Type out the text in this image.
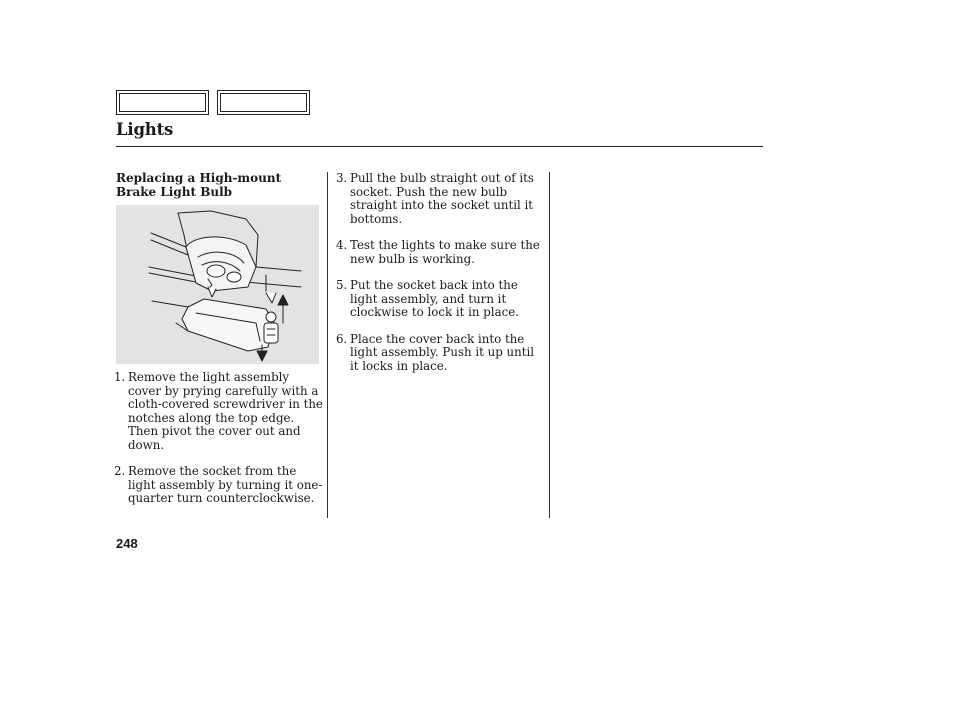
Lights
Replacing a High-mount Brake Light Bulb
1. Remove the light assembly cover by prying carefully with a cloth-covered screwdriver in the notches along the top edge. Then pivot the cover out and down.
2. Remove the socket from the light assembly by turning it one-quarter turn counterclockwise.
3. Pull the bulb straight out of its socket. Push the new bulb straight into the socket until it bottoms.
4. Test the lights to make sure the new bulb is working.
5. Put the socket back into the light assembly, and turn it clockwise to lock it in place.
6. Place the cover back into the light assembly. Push it up until it locks in place.
248
